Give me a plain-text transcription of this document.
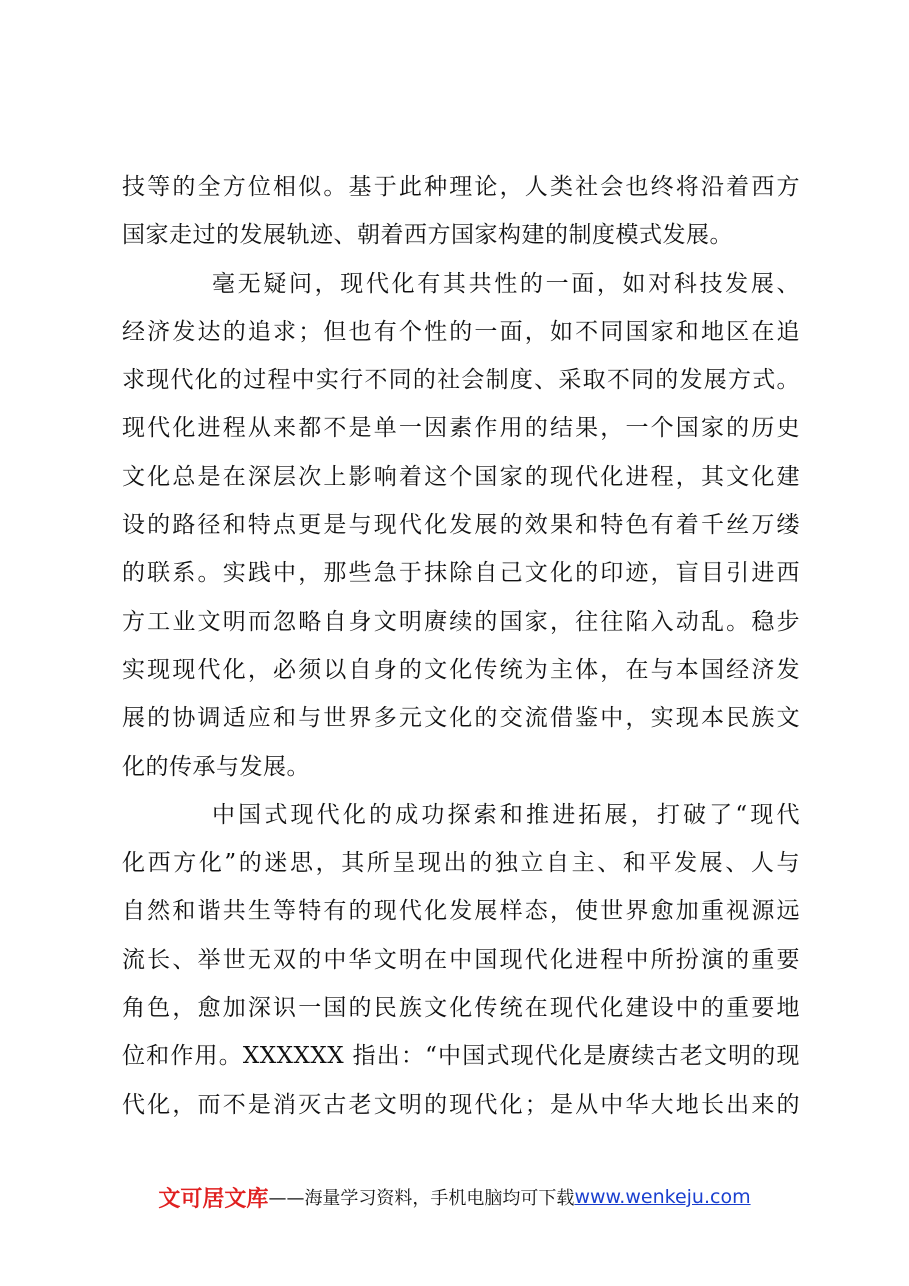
技等的全方位相似。基于此种理论，人类社会也终将沿着西方
国家走过的发展轨迹、朝着西方国家构建的制度模式发展。
毫无疑问，现代化有其共性的一面，如对科技发展、
经济发达的追求；但也有个性的一面，如不同国家和地区在追
求现代化的过程中实行不同的社会制度、采取不同的发展方式。
现代化进程从来都不是单一因素作用的结果，一个国家的历史
文化总是在深层次上影响着这个国家的现代化进程，其文化建
设的路径和特点更是与现代化发展的效果和特色有着千丝万缕
的联系。实践中，那些急于抹除自己文化的印迹，盲目引进西
方工业文明而忽略自身文明赓续的国家，往往陷入动乱。稳步
实现现代化，必须以自身的文化传统为主体，在与本国经济发
展的协调适应和与世界多元文化的交流借鉴中，实现本民族文
化的传承与发展。
中国式现代化的成功探索和推进拓展，打破了“现代
化西方化”的迷思，其所呈现出的独立自主、和平发展、人与
自然和谐共生等特有的现代化发展样态，使世界愈加重视源远
流长、举世无双的中华文明在中国现代化进程中所扮演的重要
角色，愈加深识一国的民族文化传统在现代化建设中的重要地
位和作用。XXXXXX 指出：“中国式现代化是赓续古老文明的现
代化，而不是消灭古老文明的现代化；是从中华大地长出来的
文可居文库 ——海量学习资料，手机电脑均可下载 www.wenkeju.com
